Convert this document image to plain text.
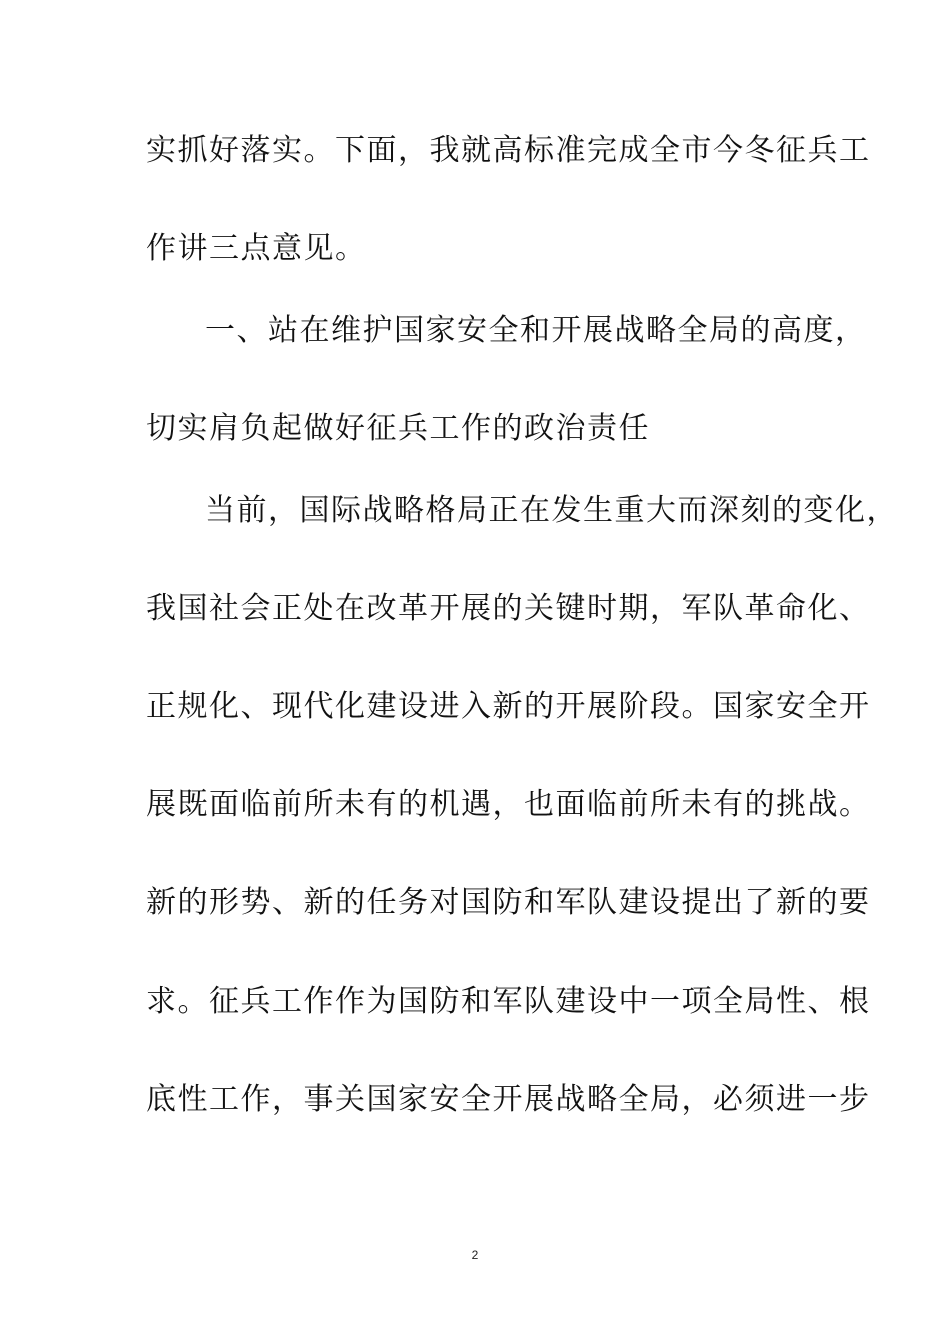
实抓好落实。下面，我就高标准完成全市今冬征兵工
作讲三点意见。
一、站在维护国家安全和开展战略全局的高度，
切实肩负起做好征兵工作的政治责任
当前，国际战略格局正在发生重大而深刻的变化，
我国社会正处在改革开展的关键时期，军队革命化、
正规化、现代化建设进入新的开展阶段。国家安全开
展既面临前所未有的机遇，也面临前所未有的挑战。
新的形势、新的任务对国防和军队建设提出了新的要
求。征兵工作作为国防和军队建设中一项全局性、根
底性工作，事关国家安全开展战略全局，必须进一步
2
